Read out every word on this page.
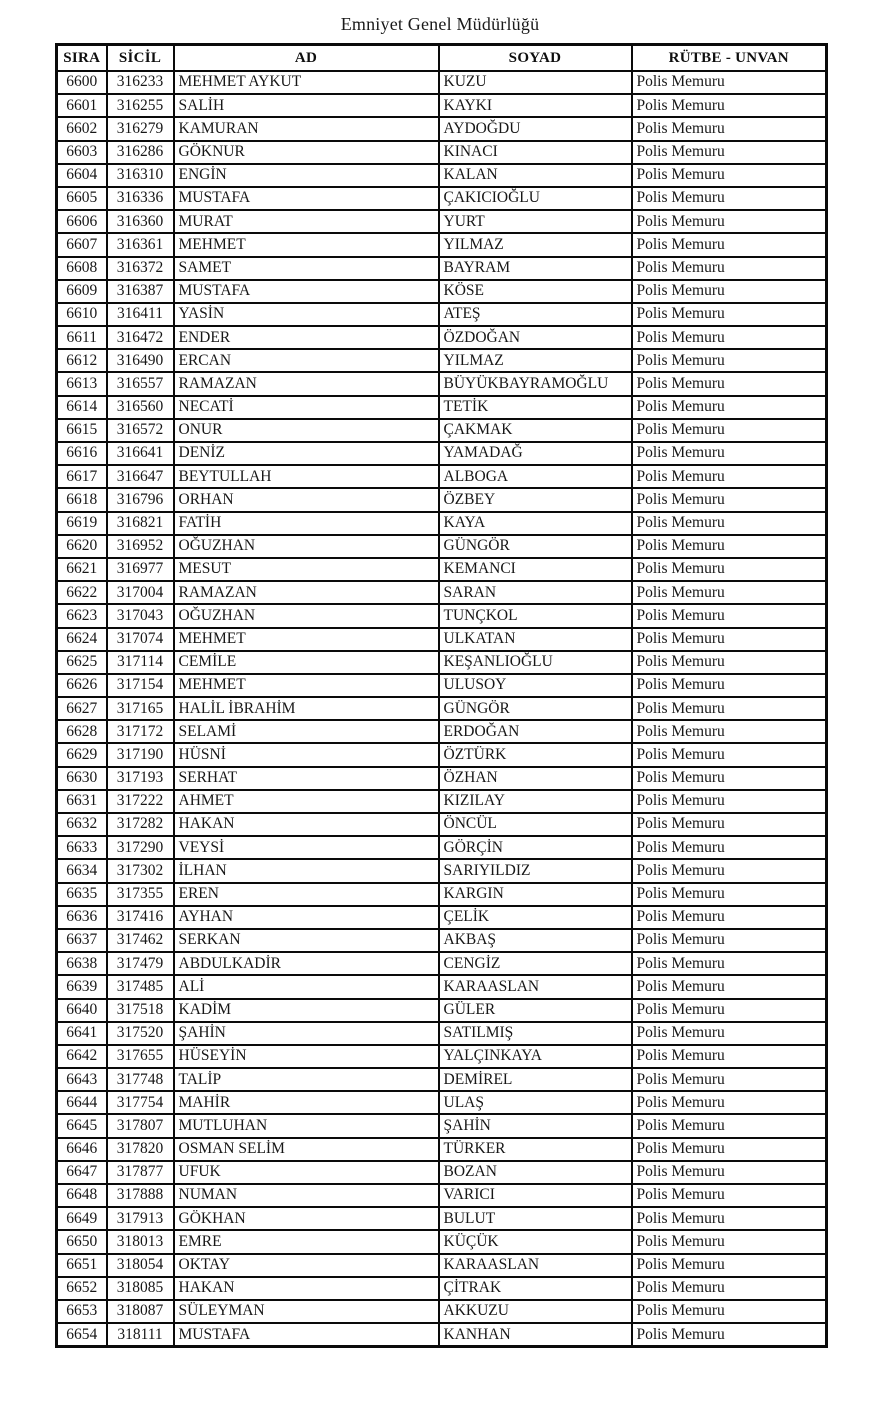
Emniyet Genel Müdürlüğü
SIRA	SİCİL	AD	SOYAD	RÜTBE - UNVAN
6600	316233	MEHMET AYKUT	KUZU	Polis Memuru
6601	316255	SALİH	KAYKI	Polis Memuru
6602	316279	KAMURAN	AYDOĞDU	Polis Memuru
6603	316286	GÖKNUR	KINACI	Polis Memuru
6604	316310	ENGİN	KALAN	Polis Memuru
6605	316336	MUSTAFA	ÇAKICIOĞLU	Polis Memuru
6606	316360	MURAT	YURT	Polis Memuru
6607	316361	MEHMET	YILMAZ	Polis Memuru
6608	316372	SAMET	BAYRAM	Polis Memuru
6609	316387	MUSTAFA	KÖSE	Polis Memuru
6610	316411	YASİN	ATEŞ	Polis Memuru
6611	316472	ENDER	ÖZDOĞAN	Polis Memuru
6612	316490	ERCAN	YILMAZ	Polis Memuru
6613	316557	RAMAZAN	BÜYÜKBAYRAMOĞLU	Polis Memuru
6614	316560	NECATİ	TETİK	Polis Memuru
6615	316572	ONUR	ÇAKMAK	Polis Memuru
6616	316641	DENİZ	YAMADAĞ	Polis Memuru
6617	316647	BEYTULLAH	ALBOGA	Polis Memuru
6618	316796	ORHAN	ÖZBEY	Polis Memuru
6619	316821	FATİH	KAYA	Polis Memuru
6620	316952	OĞUZHAN	GÜNGÖR	Polis Memuru
6621	316977	MESUT	KEMANCI	Polis Memuru
6622	317004	RAMAZAN	SARAN	Polis Memuru
6623	317043	OĞUZHAN	TUNÇKOL	Polis Memuru
6624	317074	MEHMET	ULKATAN	Polis Memuru
6625	317114	CEMİLE	KEŞANLIOĞLU	Polis Memuru
6626	317154	MEHMET	ULUSOY	Polis Memuru
6627	317165	HALİL İBRAHİM	GÜNGÖR	Polis Memuru
6628	317172	SELAMİ	ERDOĞAN	Polis Memuru
6629	317190	HÜSNİ	ÖZTÜRK	Polis Memuru
6630	317193	SERHAT	ÖZHAN	Polis Memuru
6631	317222	AHMET	KIZILAY	Polis Memuru
6632	317282	HAKAN	ÖNCÜL	Polis Memuru
6633	317290	VEYSİ	GÖRÇİN	Polis Memuru
6634	317302	İLHAN	SARIYILDIZ	Polis Memuru
6635	317355	EREN	KARGIN	Polis Memuru
6636	317416	AYHAN	ÇELİK	Polis Memuru
6637	317462	SERKAN	AKBAŞ	Polis Memuru
6638	317479	ABDULKADİR	CENGİZ	Polis Memuru
6639	317485	ALİ	KARAASLAN	Polis Memuru
6640	317518	KADİM	GÜLER	Polis Memuru
6641	317520	ŞAHİN	SATILMIŞ	Polis Memuru
6642	317655	HÜSEYİN	YALÇINKAYA	Polis Memuru
6643	317748	TALİP	DEMİREL	Polis Memuru
6644	317754	MAHİR	ULAŞ	Polis Memuru
6645	317807	MUTLUHAN	ŞAHİN	Polis Memuru
6646	317820	OSMAN SELİM	TÜRKER	Polis Memuru
6647	317877	UFUK	BOZAN	Polis Memuru
6648	317888	NUMAN	VARICI	Polis Memuru
6649	317913	GÖKHAN	BULUT	Polis Memuru
6650	318013	EMRE	KÜÇÜK	Polis Memuru
6651	318054	OKTAY	KARAASLAN	Polis Memuru
6652	318085	HAKAN	ÇİTRAK	Polis Memuru
6653	318087	SÜLEYMAN	AKKUZU	Polis Memuru
6654	318111	MUSTAFA	KANHAN	Polis Memuru
